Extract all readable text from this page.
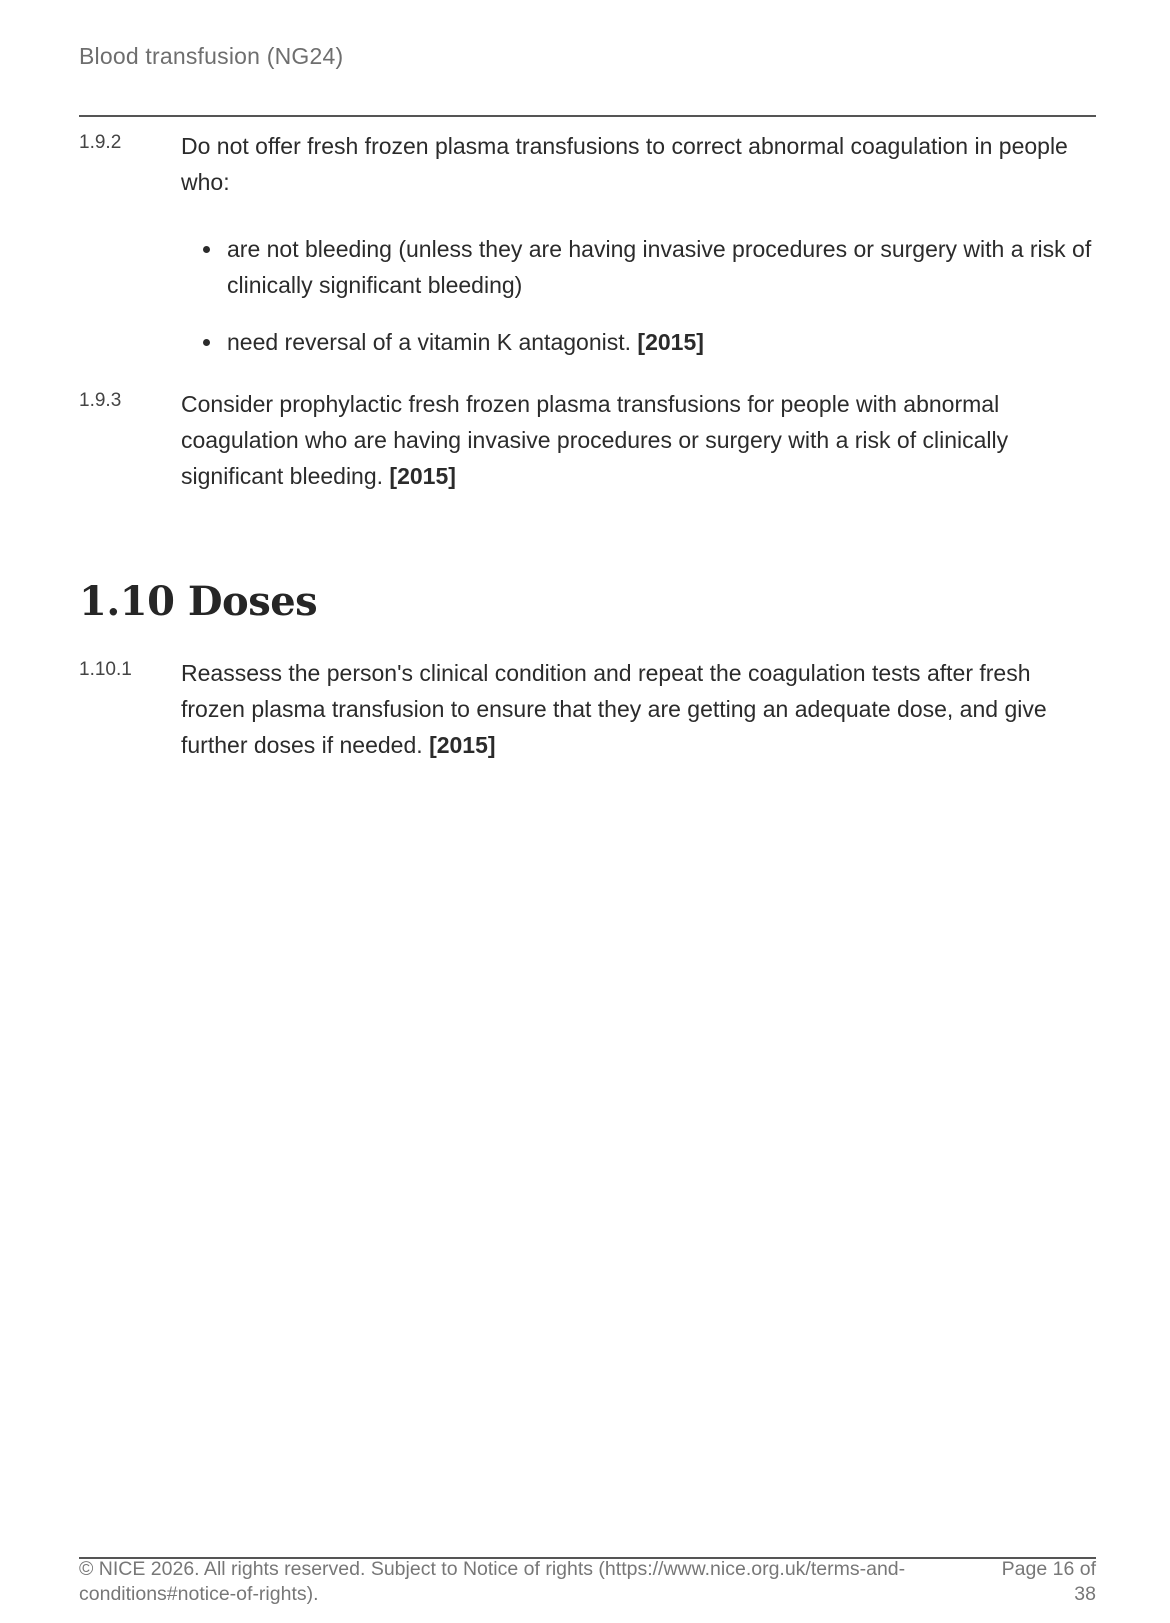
Blood transfusion (NG24)
1.9.2	Do not offer fresh frozen plasma transfusions to correct abnormal coagulation in people who:

are not bleeding (unless they are having invasive procedures or surgery with a risk of clinically significant bleeding)
need reversal of a vitamin K antagonist. [2015]
1.9.3	Consider prophylactic fresh frozen plasma transfusions for people with abnormal coagulation who are having invasive procedures or surgery with a risk of clinically significant bleeding. [2015]

1.10 Doses
1.10.1 Reassess the person's clinical condition and repeat the coagulation tests after fresh frozen plasma transfusion to ensure that they are getting an adequate dose, and give further doses if needed. [2015]

© NICE 2026. All rights reserved. Subject to Notice of rights (https://www.nice.org.uk/terms-and-conditions#notice-of-rights).
Page 16 of 38
